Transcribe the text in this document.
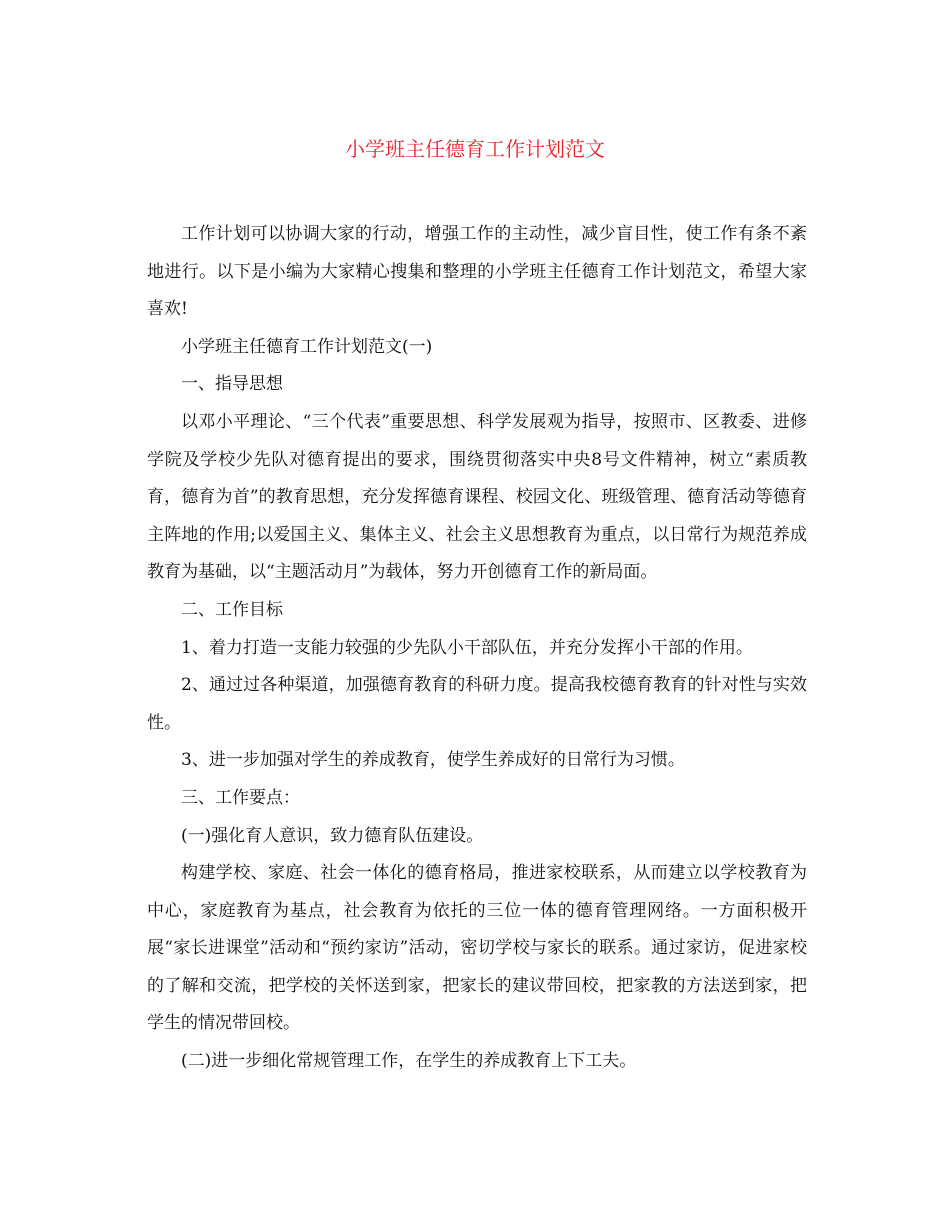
小学班主任德育工作计划范文

工作计划可以协调大家的行动，增强工作的主动性，减少盲目性，使工作有条不紊地进行。以下是小编为大家精心搜集和整理的小学班主任德育工作计划范文，希望大家喜欢!

小学班主任德育工作计划范文(一)

一、指导思想

以邓小平理论、“三个代表”重要思想、科学发展观为指导，按照市、区教委、进修学院及学校少先队对德育提出的要求，围绕贯彻落实中央8号文件精神，树立“素质教育，德育为首”的教育思想，充分发挥德育课程、校园文化、班级管理、德育活动等德育主阵地的作用;以爱国主义、集体主义、社会主义思想教育为重点，以日常行为规范养成教育为基础，以“主题活动月”为载体，努力开创德育工作的新局面。

二、工作目标

1、着力打造一支能力较强的少先队小干部队伍，并充分发挥小干部的作用。

2、通过过各种渠道，加强德育教育的科研力度。提高我校德育教育的针对性与实效性。

3、进一步加强对学生的养成教育，使学生养成好的日常行为习惯。

三、工作要点：

(一)强化育人意识，致力德育队伍建设。

构建学校、家庭、社会一体化的德育格局，推进家校联系，从而建立以学校教育为中心，家庭教育为基点，社会教育为依托的三位一体的德育管理网络。一方面积极开展“家长进课堂”活动和“预约家访”活动，密切学校与家长的联系。通过家访，促进家校的了解和交流，把学校的关怀送到家，把家长的建议带回校，把家教的方法送到家，把学生的情况带回校。

(二)进一步细化常规管理工作，在学生的养成教育上下工夫。
